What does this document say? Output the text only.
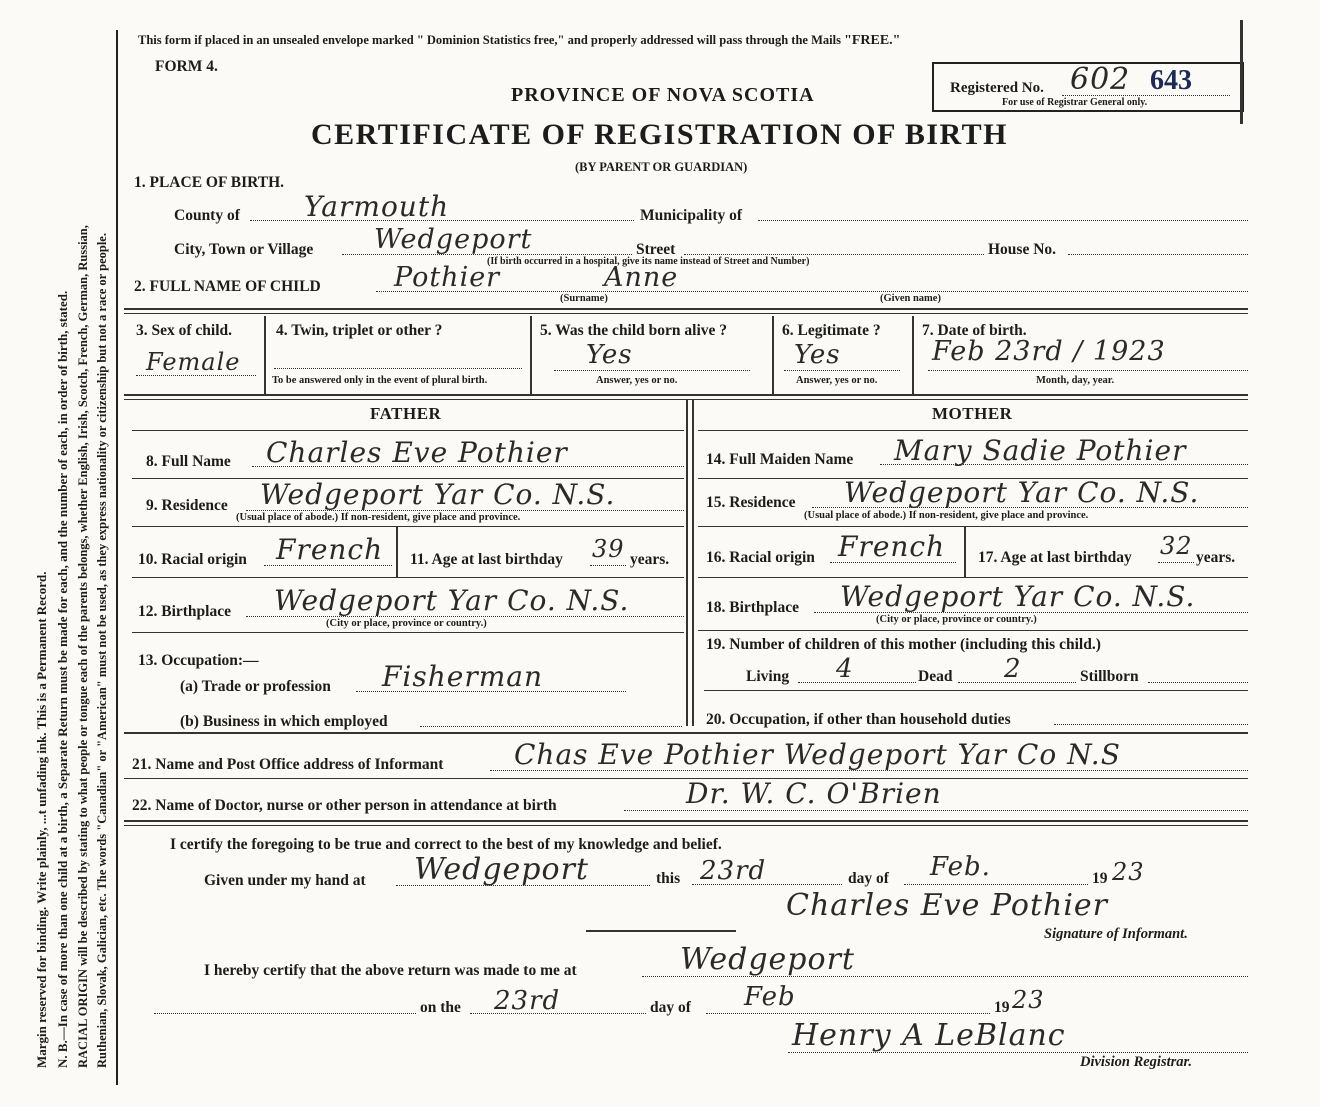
Margin reserved for binding. Write plainly, ...t unfading ink. This is a Permanent Record. N. B.—In case of more than one child at a birth, a Separate Return must be made for each, and the number of each, in order of birth, stated. RACIAL ORIGIN will be described by stating to what people or tongue each of the parents belongs, whether English, Irish, Scotch, French, German, Russian, Ruthenian, Slovak, Galician, etc. The words "Canadian" or "American" must not be used, as they express nationality or citizenship but not a race or people.
This form if placed in an unsealed envelope marked " Dominion Statistics free," and properly addressed will pass through the Mails "FREE."
FORM 4.
PROVINCE OF NOVA SCOTIA
CERTIFICATE OF REGISTRATION OF BIRTH
(BY PARENT OR GUARDIAN)
Registered No. 602 643
For use of Registrar General only.
1. PLACE OF BIRTH.
County of Yarmouth	Municipality of
City, Town or Village Wedgeport	Street	House No.
(If birth occurred in a hospital, give its name instead of Street and Number)
2. FULL NAME OF CHILD	Pothier	Anne
(Surname)	(Given name)
3. Sex of child.
Female
4. Twin, triplet or other ?
To be answered only in the event of plural birth.
5. Was the child born alive ?
Yes
Answer, yes or no.
6. Legitimate ?
Yes
Answer, yes or no.
7. Date of birth.
Feb 23rd / 1923
Month, day, year.
FATHER	MOTHER
8. Full Name Charles Eve Pothier
9. Residence Wedgeport Yar Co. N.S.
(Usual place of abode.) If non-resident, give place and province.
10. Racial origin French 11. Age at last birthday 39 years.
12. Birthplace Wedgeport Yar Co. N.S.
(City or place, province or country.)
13. Occupation:—
(a) Trade or profession Fisherman
(b) Business in which employed
14. Full Maiden Name Mary Sadie Pothier
15. Residence Wedgeport Yar Co. N.S.
(Usual place of abode.) If non-resident, give place and province.
16. Racial origin French 17. Age at last birthday 32 years.
18. Birthplace Wedgeport Yar Co. N.S.
(City or place, province or country.)
19. Number of children of this mother (including this child.)
Living 4	Dead 2	Stillborn
20. Occupation, if other than household duties
21. Name and Post Office address of Informant	Chas Eve Pothier Wedgeport Yar Co N.S
22. Name of Doctor, nurse or other person in attendance at birth	Dr. W. C. O'Brien
I certify the foregoing to be true and correct to the best of my knowledge and belief.
Given under my hand at Wedgeport	this 23rd	day of Feb.	19 23
Charles Eve Pothier
Signature of Informant.
I hereby certify that the above return was made to me at	Wedgeport
on the 23rd	day of Feb	19 23
Henry A LeBlanc
Division Registrar.
